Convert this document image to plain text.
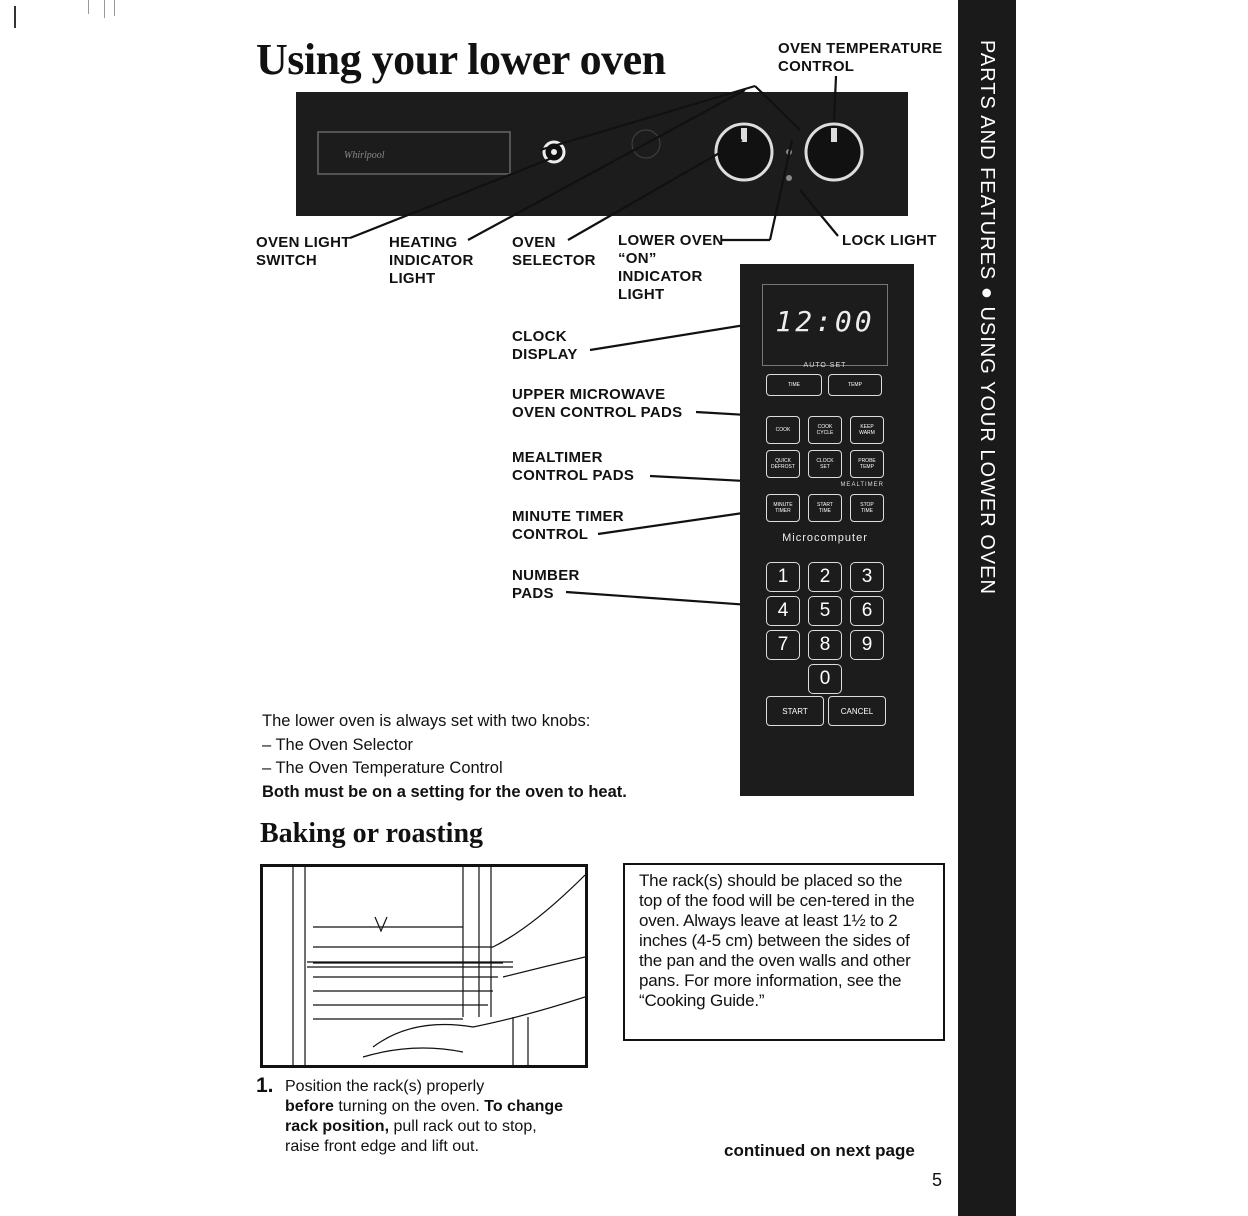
PARTS AND FEATURES ● USING YOUR LOWER OVEN
Using your lower oven	OVEN TEMPERATURE
CONTROL
Whirlpool
OVEN LIGHT
SWITCH
HEATING
INDICATOR
LIGHT
OVEN
SELECTOR
LOWER OVEN
“ON”
INDICATOR
LIGHT
LOCK LIGHT
CLOCK
DISPLAY
UPPER MICROWAVE
OVEN CONTROL PADS
MEALTIMER
CONTROL PADS
MINUTE TIMER
CONTROL
NUMBER
PADS
12:00
AUTO SET
TIME	TEMP
COOK	COOK
CYCLE
KEEP
WARM
QUICK
DEFROST
CLOCK
SET
PROBE
TEMP
MEALTIMER
MINUTE
TIMER
START
TIME
STOP
TIME
Microcomputer
1	2	3
4	5	6
7	8	9
0
START	CANCEL
The lower oven is always set with two knobs:
– The Oven Selector
– The Oven Temperature Control
Both must be on a setting for the oven to heat.
Baking or roasting
The rack(s) should be placed so the top of the food will be cen-tered in the oven. Always leave at least 1½ to 2 inches (4-5 cm) between the sides of the pan and the oven walls and other pans. For more information, see the “Cooking Guide.”
1. Position the rack(s) properly
before turning on the oven. To change rack position, pull rack out to stop, raise front edge and lift out.	continued on next page
5
